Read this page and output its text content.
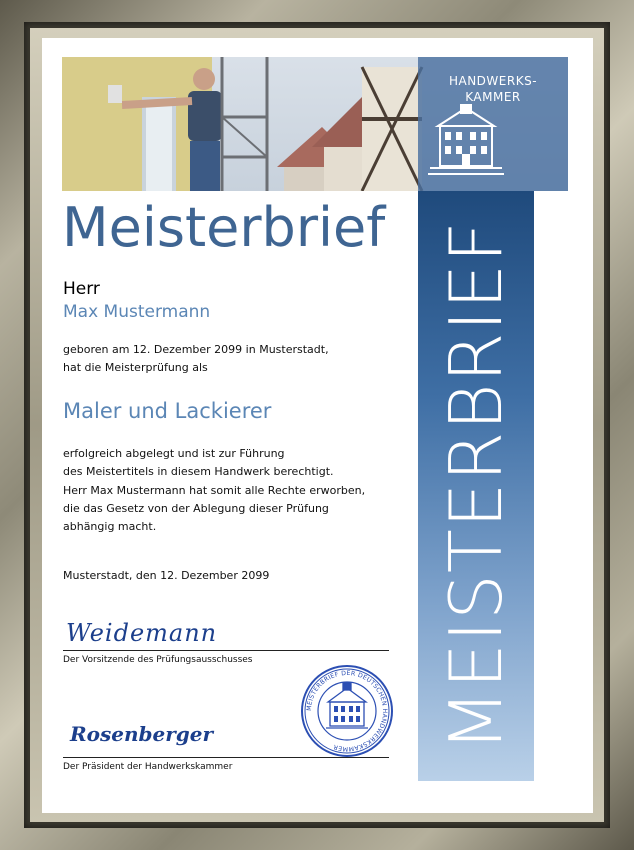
HANDWERKS-
KAMMER
MEISTERBRIEF
Meisterbrief
Herr
Max Mustermann
geboren am 12. Dezember 2099 in Musterstadt,
hat die Meisterprüfung als
Maler und Lackierer
erfolgreich abgelegt und ist zur Führung
des Meistertitels in diesem Handwerk berechtigt.
Herr Max Mustermann hat somit alle Rechte erworben,
die das Gesetz von der Ablegung dieser Prüfung
abhängig macht.
Musterstadt, den 12. Dezember 2099
Weidemann
Der Vorsitzende des Prüfungsausschusses
Rosenberger
Der Präsident der Handwerkskammer
MEISTERBRIEF DER DEUTSCHEN HANDWERKSKAMMER
